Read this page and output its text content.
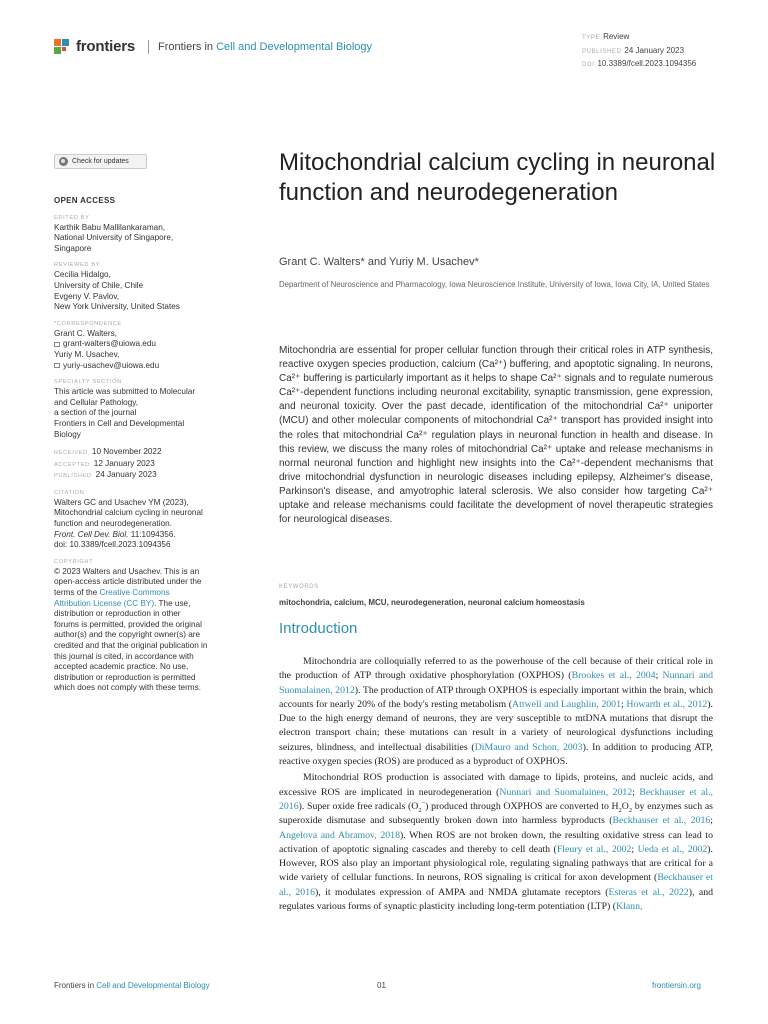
frontiers Frontiers in Cell and Developmental Biology
TYPE Review
PUBLISHED 24 January 2023
DOI 10.3389/fcell.2023.1094356
Check for updates
OPEN ACCESS
EDITED BY
Karthik Babu Mallilankaraman,
National University of Singapore,
Singapore
REVIEWED BY
Cecilia Hidalgo,
University of Chile, Chile
Evgeny V. Pavlov,
New York University, United States
*CORRESPONDENCE
Grant C. Walters,
grant-walters@uiowa.edu
Yuriy M. Usachev,
yuriy-usachev@uiowa.edu
SPECIALTY SECTION
This article was submitted to Molecular
and Cellular Pathology,
a section of the journal
Frontiers in Cell and Developmental
Biology
RECEIVED 10 November 2022
ACCEPTED 12 January 2023
PUBLISHED 24 January 2023
CITATION
Walters GC and Usachev YM (2023),
Mitochondrial calcium cycling in neuronal
function and neurodegeneration.
Front. Cell Dev. Biol. 11:1094356.
doi: 10.3389/fcell.2023.1094356
COPYRIGHT
© 2023 Walters and Usachev. This is an
open-access article distributed under the
terms of the Creative Commons
Attribution License (CC BY). The use,
distribution or reproduction in other
forums is permitted, provided the original
author(s) and the copyright owner(s) are
credited and that the original publication in
this journal is cited, in accordance with
accepted academic practice. No use,
distribution or reproduction is permitted
which does not comply with these terms.
Mitochondrial calcium cycling in neuronal function and neurodegeneration
Grant C. Walters* and Yuriy M. Usachev*
Department of Neuroscience and Pharmacology, Iowa Neuroscience Institute, University of Iowa, Iowa City, IA, United States
Mitochondria are essential for proper cellular function through their critical roles in ATP synthesis, reactive oxygen species production, calcium (Ca²⁺) buffering, and apoptotic signaling. In neurons, Ca²⁺ buffering is particularly important as it helps to shape Ca²⁺ signals and to regulate numerous Ca²⁺-dependent functions including neuronal excitability, synaptic transmission, gene expression, and neuronal toxicity. Over the past decade, identification of the mitochondrial Ca²⁺ uniporter (MCU) and other molecular components of mitochondrial Ca²⁺ transport has provided insight into the roles that mitochondrial Ca²⁺ regulation plays in neuronal function in health and disease. In this review, we discuss the many roles of mitochondrial Ca²⁺ uptake and release mechanisms in normal neuronal function and highlight new insights into the Ca²⁺-dependent mechanisms that drive mitochondrial dysfunction in neurologic diseases including epilepsy, Alzheimer's disease, Parkinson's disease, and amyotrophic lateral sclerosis. We also consider how targeting Ca²⁺ uptake and release mechanisms could facilitate the development of novel therapeutic strategies for neurological diseases.
KEYWORDS
mitochondria, calcium, MCU, neurodegeneration, neuronal calcium homeostasis
Introduction

Mitochondria are colloquially referred to as the powerhouse of the cell because of their critical role in the production of ATP through oxidative phosphorylation (OXPHOS) (Brookes et al., 2004; Nunnari and Suomalainen, 2012). The production of ATP through OXPHOS is especially important within the brain, which accounts for nearly 20% of the body's resting metabolism (Attwell and Laughlin, 2001; Howarth et al., 2012). Due to the high energy demand of neurons, they are very susceptible to mtDNA mutations that disrupt the electron transport chain; these mutations can result in a variety of neurological dysfunctions including seizures, blindness, and intellectual disabilities (DiMauro and Schon, 2003). In addition to producing ATP, reactive oxygen species (ROS) are produced as a byproduct of OXPHOS.

Mitochondrial ROS production is associated with damage to lipids, proteins, and nucleic acids, and excessive ROS are implicated in neurodegeneration (Nunnari and Suomalainen, 2012; Beckhauser et al., 2016). Super oxide free radicals $(O_2^-)$ produced through OXPHOS are converted to $H_2O_2$ by enzymes such as superoxide dismutase and subsequently broken down into harmless byproducts (Beckhauser et al., 2016; Angelova and Abramov, 2018). When ROS are not broken down, the resulting oxidative stress can lead to activation of apoptotic signaling cascades and thereby to cell death (Fleury et al., 2002; Ueda et al., 2002). However, ROS also play an important physiological role, regulating signaling pathways that are critical for a wide variety of cellular functions. In neurons, ROS signaling is critical for axon development (Beckhauser et al., 2016), it modulates expression of AMPA and NMDA glutamate receptors (Esteras et al., 2022), and regulates various forms of synaptic plasticity including long-term potentiation (LTP) (Klann,

Frontiers in Cell and Developmental Biology	01	frontiersin.org
